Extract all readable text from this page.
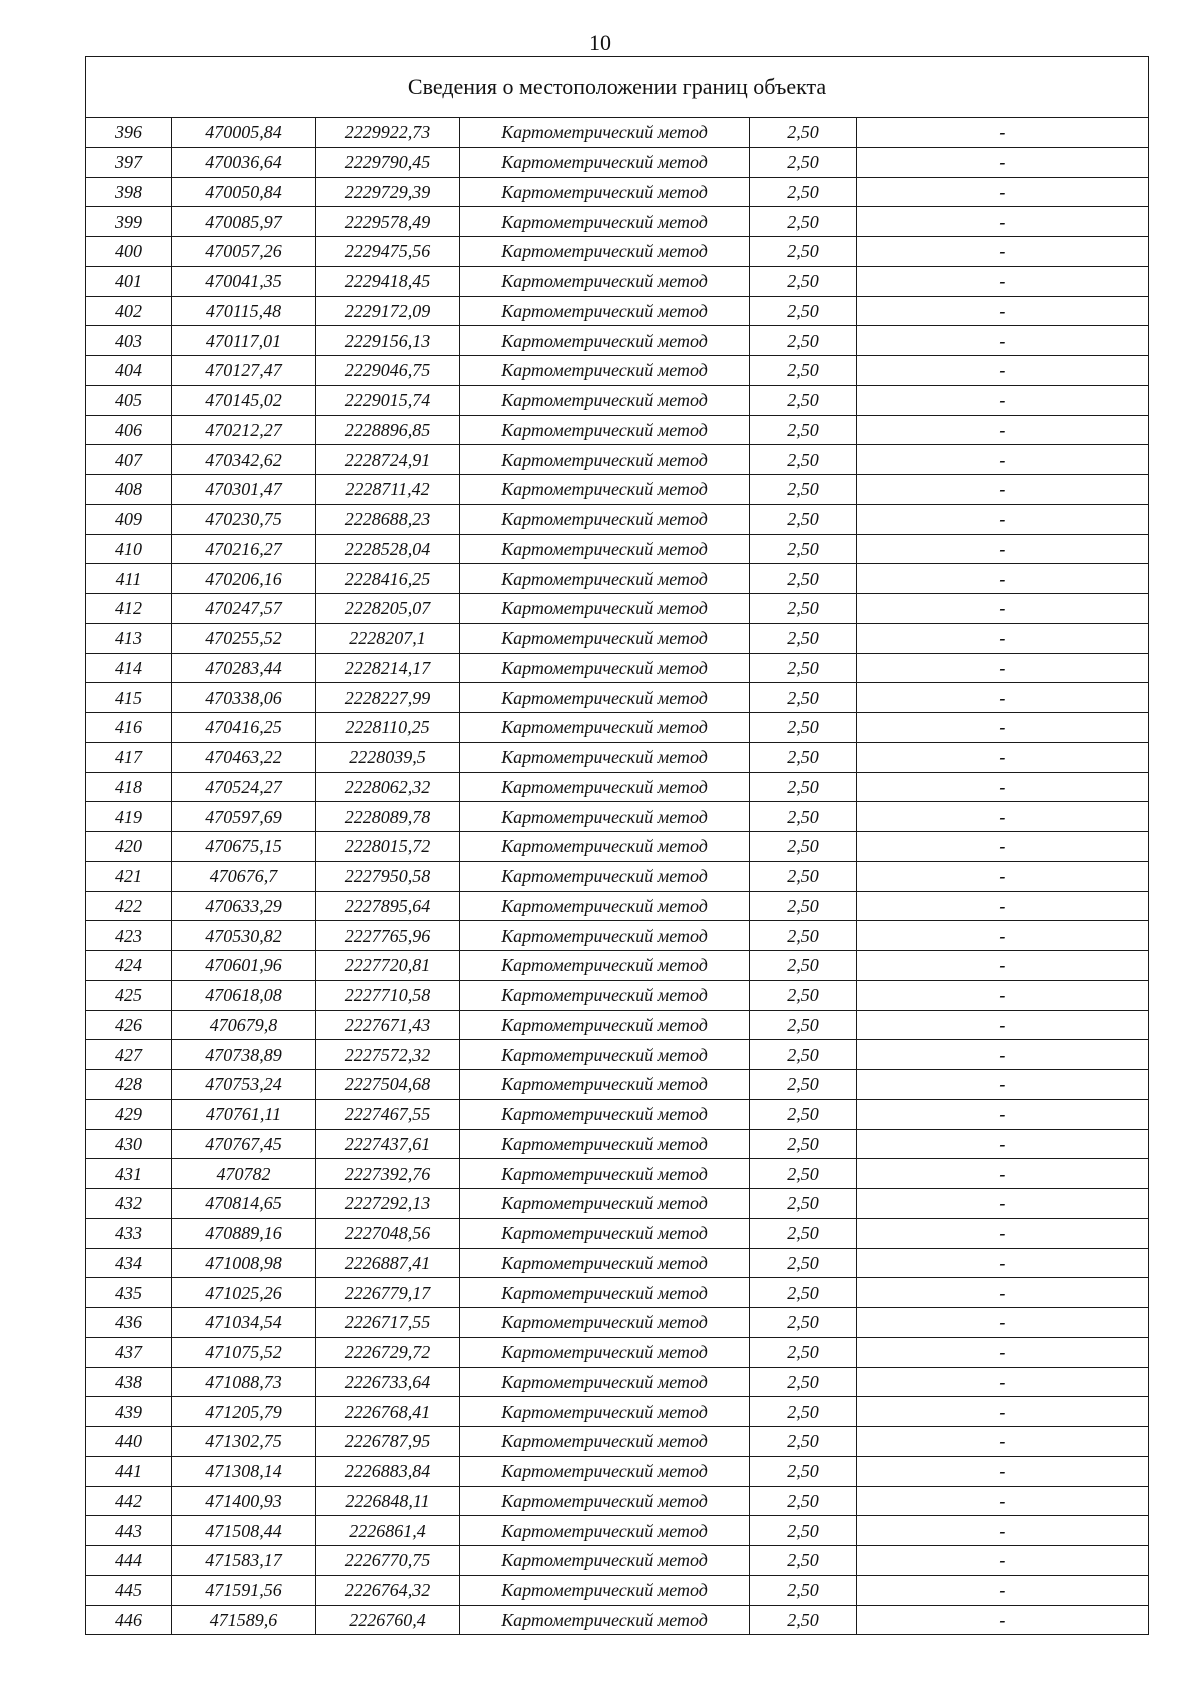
10
Сведения о местоположении границ объекта					
396	470005,84	2229922,73	Картометрический метод	2,50	-
397	470036,64	2229790,45	Картометрический метод	2,50	-
398	470050,84	2229729,39	Картометрический метод	2,50	-
399	470085,97	2229578,49	Картометрический метод	2,50	-
400	470057,26	2229475,56	Картометрический метод	2,50	-
401	470041,35	2229418,45	Картометрический метод	2,50	-
402	470115,48	2229172,09	Картометрический метод	2,50	-
403	470117,01	2229156,13	Картометрический метод	2,50	-
404	470127,47	2229046,75	Картометрический метод	2,50	-
405	470145,02	2229015,74	Картометрический метод	2,50	-
406	470212,27	2228896,85	Картометрический метод	2,50	-
407	470342,62	2228724,91	Картометрический метод	2,50	-
408	470301,47	2228711,42	Картометрический метод	2,50	-
409	470230,75	2228688,23	Картометрический метод	2,50	-
410	470216,27	2228528,04	Картометрический метод	2,50	-
411	470206,16	2228416,25	Картометрический метод	2,50	-
412	470247,57	2228205,07	Картометрический метод	2,50	-
413	470255,52	2228207,1	Картометрический метод	2,50	-
414	470283,44	2228214,17	Картометрический метод	2,50	-
415	470338,06	2228227,99	Картометрический метод	2,50	-
416	470416,25	2228110,25	Картометрический метод	2,50	-
417	470463,22	2228039,5	Картометрический метод	2,50	-
418	470524,27	2228062,32	Картометрический метод	2,50	-
419	470597,69	2228089,78	Картометрический метод	2,50	-
420	470675,15	2228015,72	Картометрический метод	2,50	-
421	470676,7	2227950,58	Картометрический метод	2,50	-
422	470633,29	2227895,64	Картометрический метод	2,50	-
423	470530,82	2227765,96	Картометрический метод	2,50	-
424	470601,96	2227720,81	Картометрический метод	2,50	-
425	470618,08	2227710,58	Картометрический метод	2,50	-
426	470679,8	2227671,43	Картометрический метод	2,50	-
427	470738,89	2227572,32	Картометрический метод	2,50	-
428	470753,24	2227504,68	Картометрический метод	2,50	-
429	470761,11	2227467,55	Картометрический метод	2,50	-
430	470767,45	2227437,61	Картометрический метод	2,50	-
431	470782	2227392,76	Картометрический метод	2,50	-
432	470814,65	2227292,13	Картометрический метод	2,50	-
433	470889,16	2227048,56	Картометрический метод	2,50	-
434	471008,98	2226887,41	Картометрический метод	2,50	-
435	471025,26	2226779,17	Картометрический метод	2,50	-
436	471034,54	2226717,55	Картометрический метод	2,50	-
437	471075,52	2226729,72	Картометрический метод	2,50	-
438	471088,73	2226733,64	Картометрический метод	2,50	-
439	471205,79	2226768,41	Картометрический метод	2,50	-
440	471302,75	2226787,95	Картометрический метод	2,50	-
441	471308,14	2226883,84	Картометрический метод	2,50	-
442	471400,93	2226848,11	Картометрический метод	2,50	-
443	471508,44	2226861,4	Картометрический метод	2,50	-
444	471583,17	2226770,75	Картометрический метод	2,50	-
445	471591,56	2226764,32	Картометрический метод	2,50	-
446	471589,6	2226760,4	Картометрический метод	2,50	-
